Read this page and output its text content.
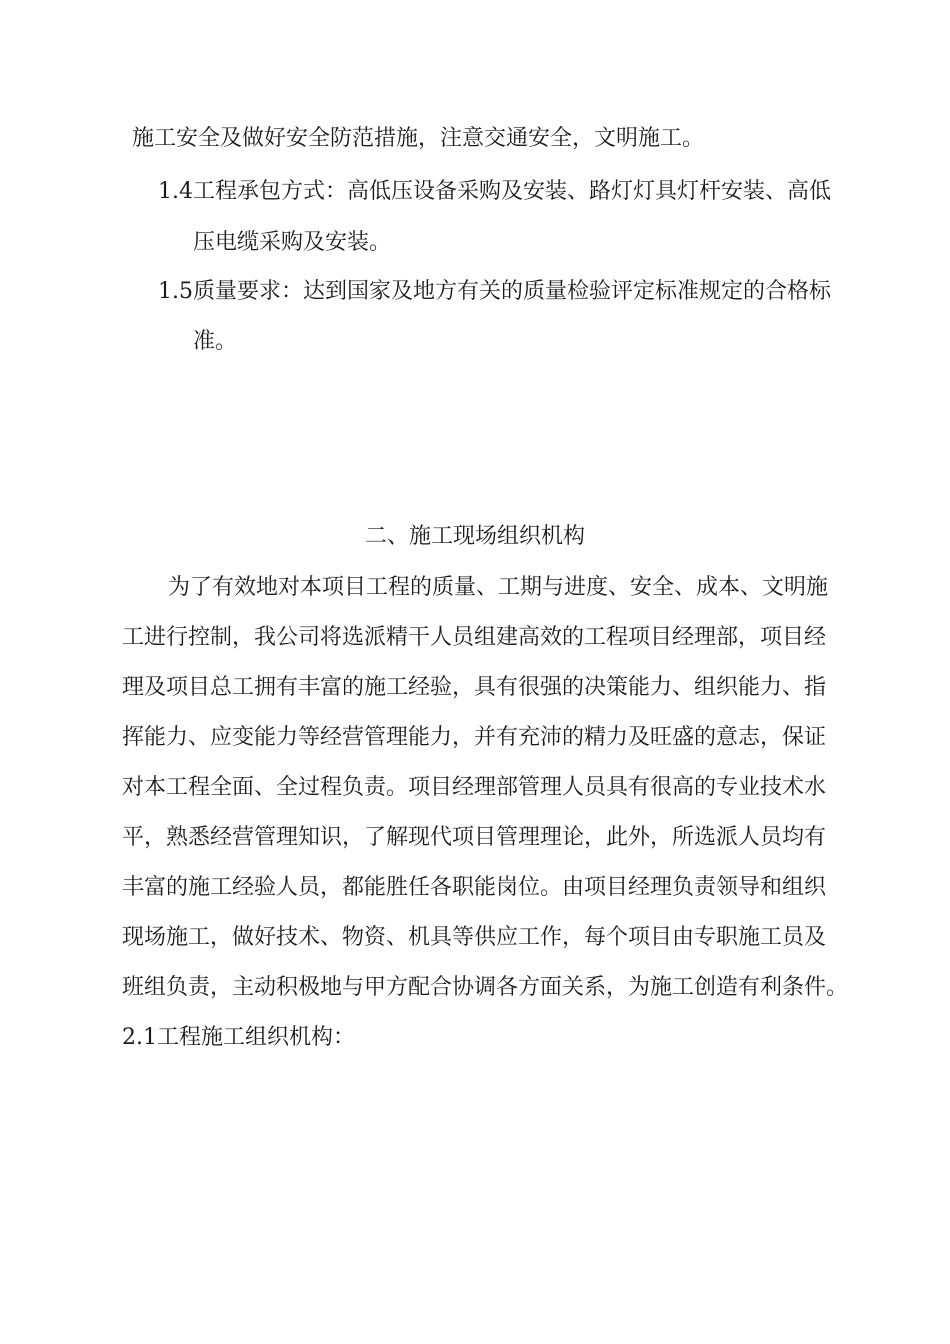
施工安全及做好安全防范措施，注意交通安全，文明施工。

1.4工程承包方式：高低压设备采购及安装、路灯灯具灯杆安装、高低

压电缆采购及安装。

1.5质量要求：达到国家及地方有关的质量检验评定标准规定的合格标

准。

二、施工现场组织机构

为了有效地对本项目工程的质量、工期与进度、安全、成本、文明施

工进行控制，我公司将选派精干人员组建高效的工程项目经理部，项目经

理及项目总工拥有丰富的施工经验，具有很强的决策能力、组织能力、指

挥能力、应变能力等经营管理能力，并有充沛的精力及旺盛的意志，保证

对本工程全面、全过程负责。项目经理部管理人员具有很高的专业技术水

平，熟悉经营管理知识，了解现代项目管理理论，此外，所选派人员均有

丰富的施工经验人员，都能胜任各职能岗位。由项目经理负责领导和组织

现场施工，做好技术、物资、机具等供应工作，每个项目由专职施工员及

班组负责，主动积极地与甲方配合协调各方面关系，为施工创造有利条件。

2.1工程施工组织机构：
